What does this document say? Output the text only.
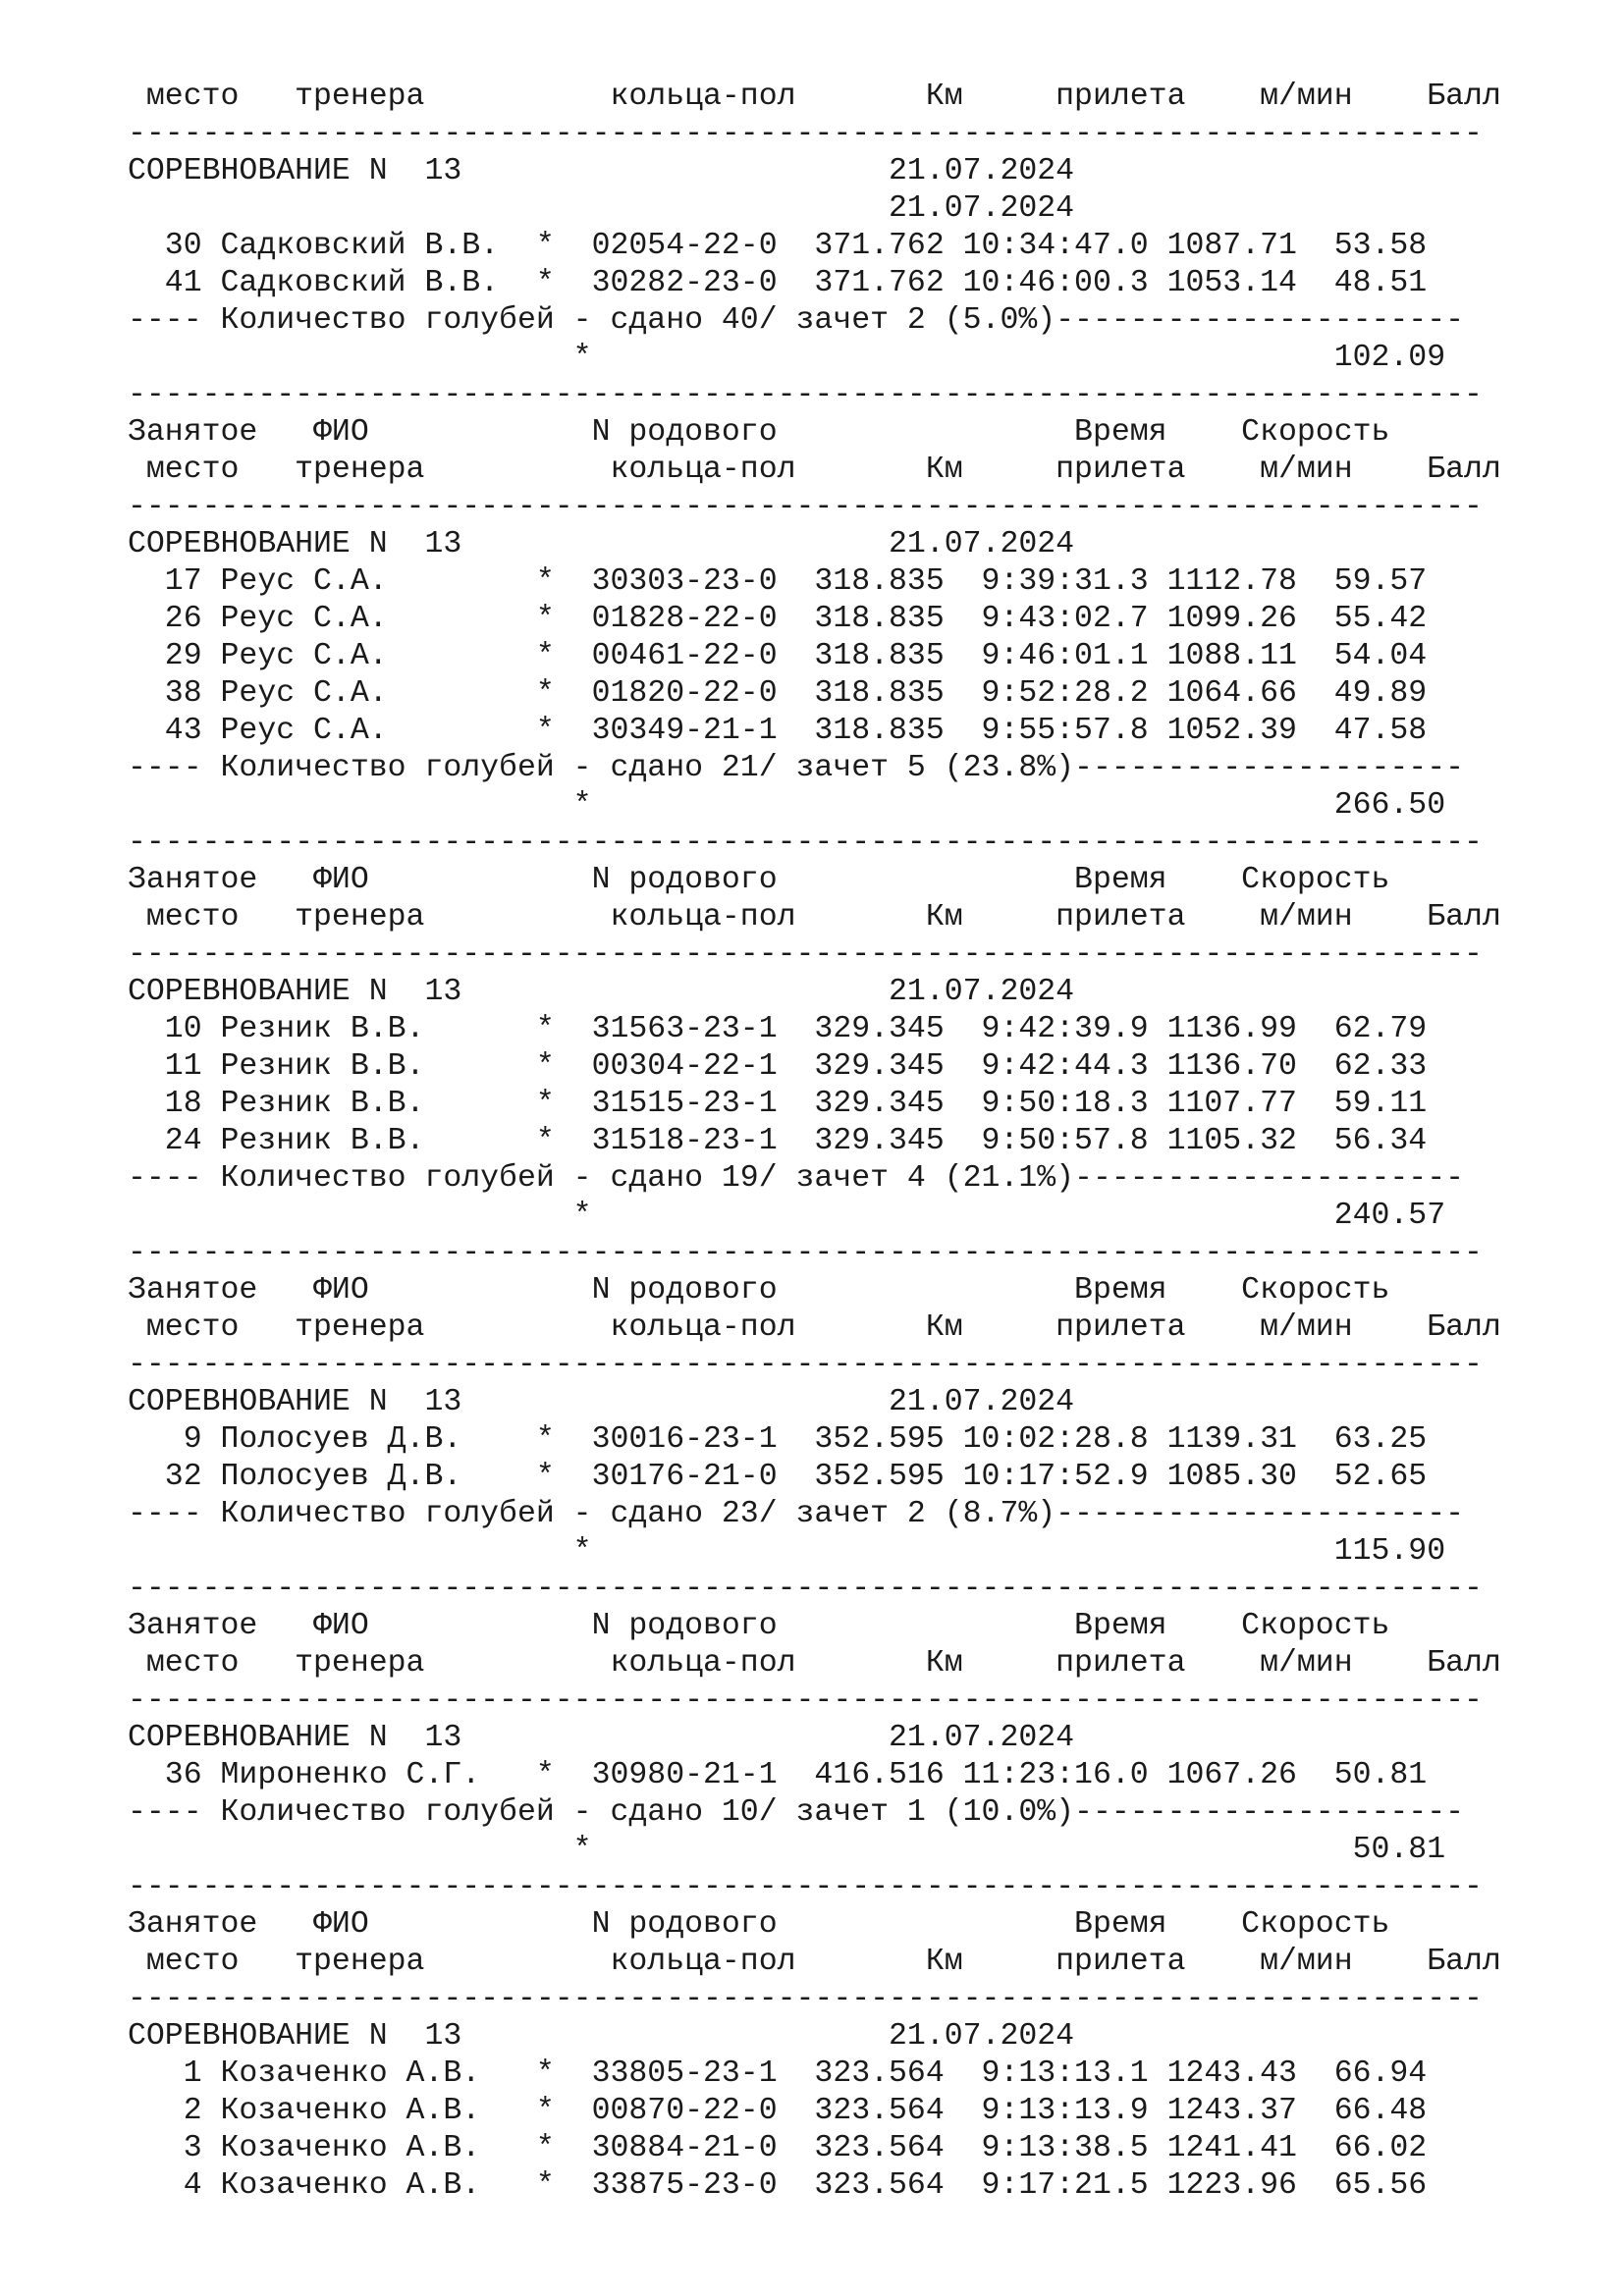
место   тренера          кольца-пол       Км     прилета    м/мин    Балл
-------------------------------------------------------------------------
СОРЕВНОВАНИЕ N  13                       21.07.2024
21.07.2024
30 Садковский В.В.  *  02054-22-0  371.762 10:34:47.0 1087.71  53.58
41 Садковский В.В.  *  30282-23-0  371.762 10:46:00.3 1053.14  48.51
---- Количество голубей - сдано 40/ зачет 2 (5.0%)----------------------
*                                        102.09
-------------------------------------------------------------------------
Занятое   ФИО            N родового                Время    Скорость
место   тренера          кольца-пол       Км     прилета    м/мин    Балл
-------------------------------------------------------------------------
СОРЕВНОВАНИЕ N  13                       21.07.2024
17 Реус С.А.        *  30303-23-0  318.835  9:39:31.3 1112.78  59.57
26 Реус С.А.        *  01828-22-0  318.835  9:43:02.7 1099.26  55.42
29 Реус С.А.        *  00461-22-0  318.835  9:46:01.1 1088.11  54.04
38 Реус С.А.        *  01820-22-0  318.835  9:52:28.2 1064.66  49.89
43 Реус С.А.        *  30349-21-1  318.835  9:55:57.8 1052.39  47.58
---- Количество голубей - сдано 21/ зачет 5 (23.8%)---------------------
*                                        266.50
-------------------------------------------------------------------------
Занятое   ФИО            N родового                Время    Скорость
место   тренера          кольца-пол       Км     прилета    м/мин    Балл
-------------------------------------------------------------------------
СОРЕВНОВАНИЕ N  13                       21.07.2024
10 Резник В.В.      *  31563-23-1  329.345  9:42:39.9 1136.99  62.79
11 Резник В.В.      *  00304-22-1  329.345  9:42:44.3 1136.70  62.33
18 Резник В.В.      *  31515-23-1  329.345  9:50:18.3 1107.77  59.11
24 Резник В.В.      *  31518-23-1  329.345  9:50:57.8 1105.32  56.34
---- Количество голубей - сдано 19/ зачет 4 (21.1%)---------------------
*                                        240.57
-------------------------------------------------------------------------
Занятое   ФИО            N родового                Время    Скорость
место   тренера          кольца-пол       Км     прилета    м/мин    Балл
-------------------------------------------------------------------------
СОРЕВНОВАНИЕ N  13                       21.07.2024
9 Полосуев Д.В.    *  30016-23-1  352.595 10:02:28.8 1139.31  63.25
32 Полосуев Д.В.    *  30176-21-0  352.595 10:17:52.9 1085.30  52.65
---- Количество голубей - сдано 23/ зачет 2 (8.7%)----------------------
*                                        115.90
-------------------------------------------------------------------------
Занятое   ФИО            N родового                Время    Скорость
место   тренера          кольца-пол       Км     прилета    м/мин    Балл
-------------------------------------------------------------------------
СОРЕВНОВАНИЕ N  13                       21.07.2024
36 Мироненко С.Г.   *  30980-21-1  416.516 11:23:16.0 1067.26  50.81
---- Количество голубей - сдано 10/ зачет 1 (10.0%)---------------------
*                                         50.81
-------------------------------------------------------------------------
Занятое   ФИО            N родового                Время    Скорость
место   тренера          кольца-пол       Км     прилета    м/мин    Балл
-------------------------------------------------------------------------
СОРЕВНОВАНИЕ N  13                       21.07.2024
1 Козаченко А.В.   *  33805-23-1  323.564  9:13:13.1 1243.43  66.94
2 Козаченко А.В.   *  00870-22-0  323.564  9:13:13.9 1243.37  66.48
3 Козаченко А.В.   *  30884-21-0  323.564  9:13:38.5 1241.41  66.02
4 Козаченко А.В.   *  33875-23-0  323.564  9:17:21.5 1223.96  65.56
